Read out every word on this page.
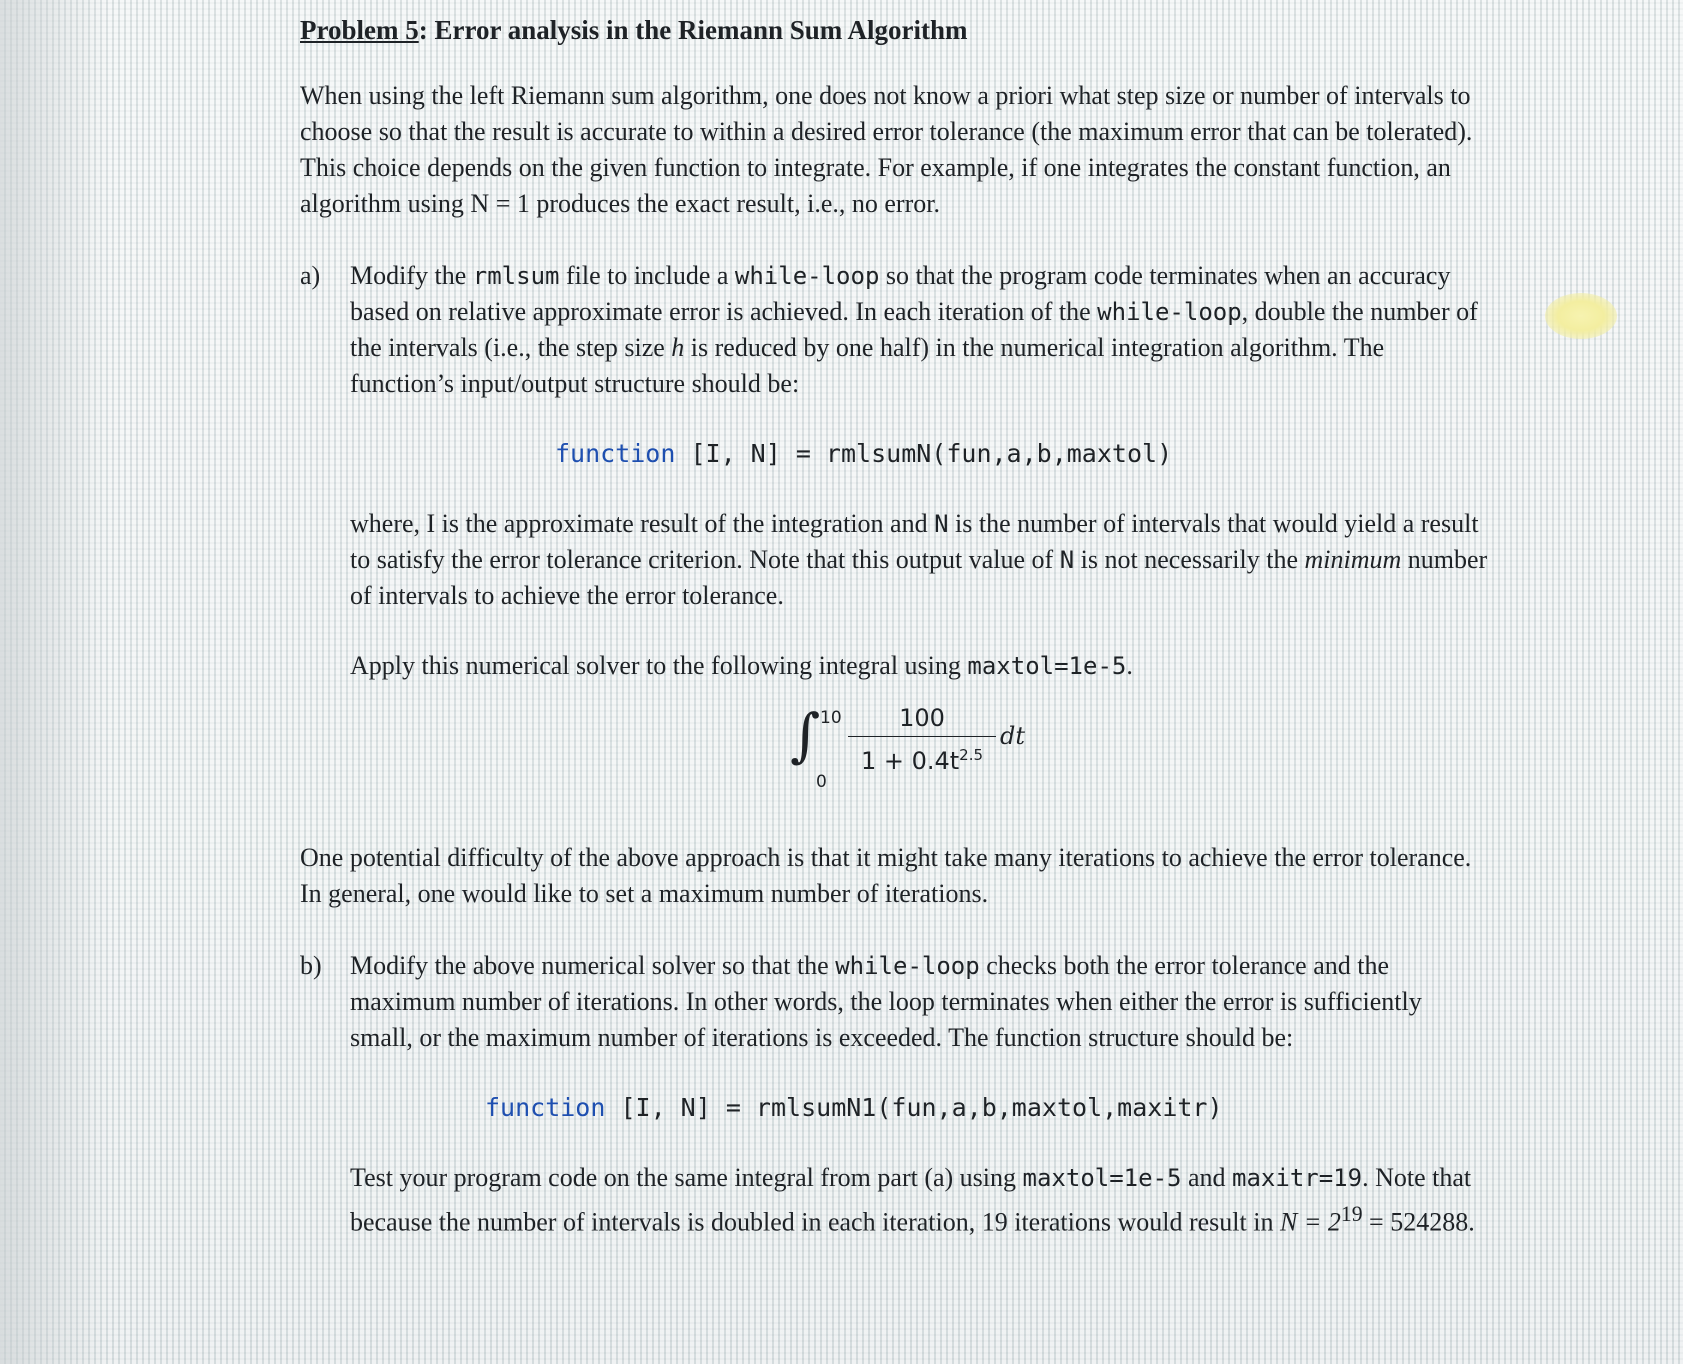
Problem 5: Error analysis in the Riemann Sum Algorithm

When using the left Riemann sum algorithm, one does not know a priori what step size or number of intervals to choose so that the result is accurate to within a desired error tolerance (the maximum error that can be tolerated). This choice depends on the given function to integrate. For example, if one integrates the constant function, an algorithm using N = 1 produces the exact result, i.e., no error.

a)	Modify the rmlsum file to include a while-loop so that the program code terminates when an accuracy based on relative approximate error is achieved. In each iteration of the while-loop, double the number of the intervals (i.e., the step size h is reduced by one half) in the numerical integration algorithm. The function’s input/output structure should be:

function [I, N] = rmlsumN(fun,a,b,maxtol)

where, I is the approximate result of the integration and N is the number of intervals that would yield a result to satisfy the error tolerance criterion. Note that this output value of N is not necessarily the minimum number of intervals to achieve the error tolerance.

Apply this numerical solver to the following integral using maxtol=1e-5.

∫ 10
0
100
$1 + 0.4t^{2.5}$
dt

One potential difficulty of the above approach is that it might take many iterations to achieve the error tolerance. In general, one would like to set a maximum number of iterations.

b)	Modify the above numerical solver so that the while-loop checks both the error tolerance and the maximum number of iterations. In other words, the loop terminates when either the error is sufficiently small, or the maximum number of iterations is exceeded. The function structure should be:

function [I, N] = rmlsumN1(fun,a,b,maxtol,maxitr)

Test your program code on the same integral from part (a) using maxtol=1e-5 and maxitr=19. Note that because the number of intervals is doubled in each iteration, 19 iterations would result in $N = 2^{19} = 524288$.
